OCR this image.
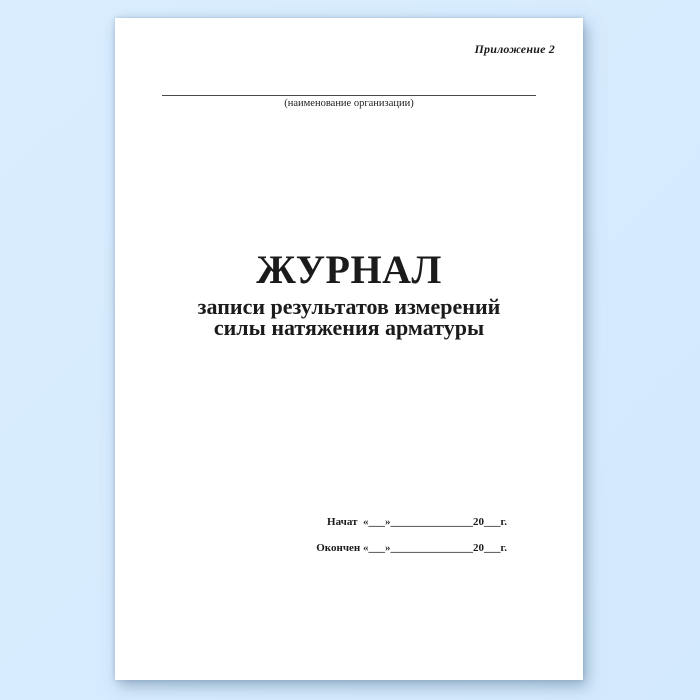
Приложение 2
(наименование организации)
ЖУРНАЛ
записи результатов измерений
силы натяжения арматуры
Начат  «___»_______________20___г.
Окончен «___»_______________20___г.
